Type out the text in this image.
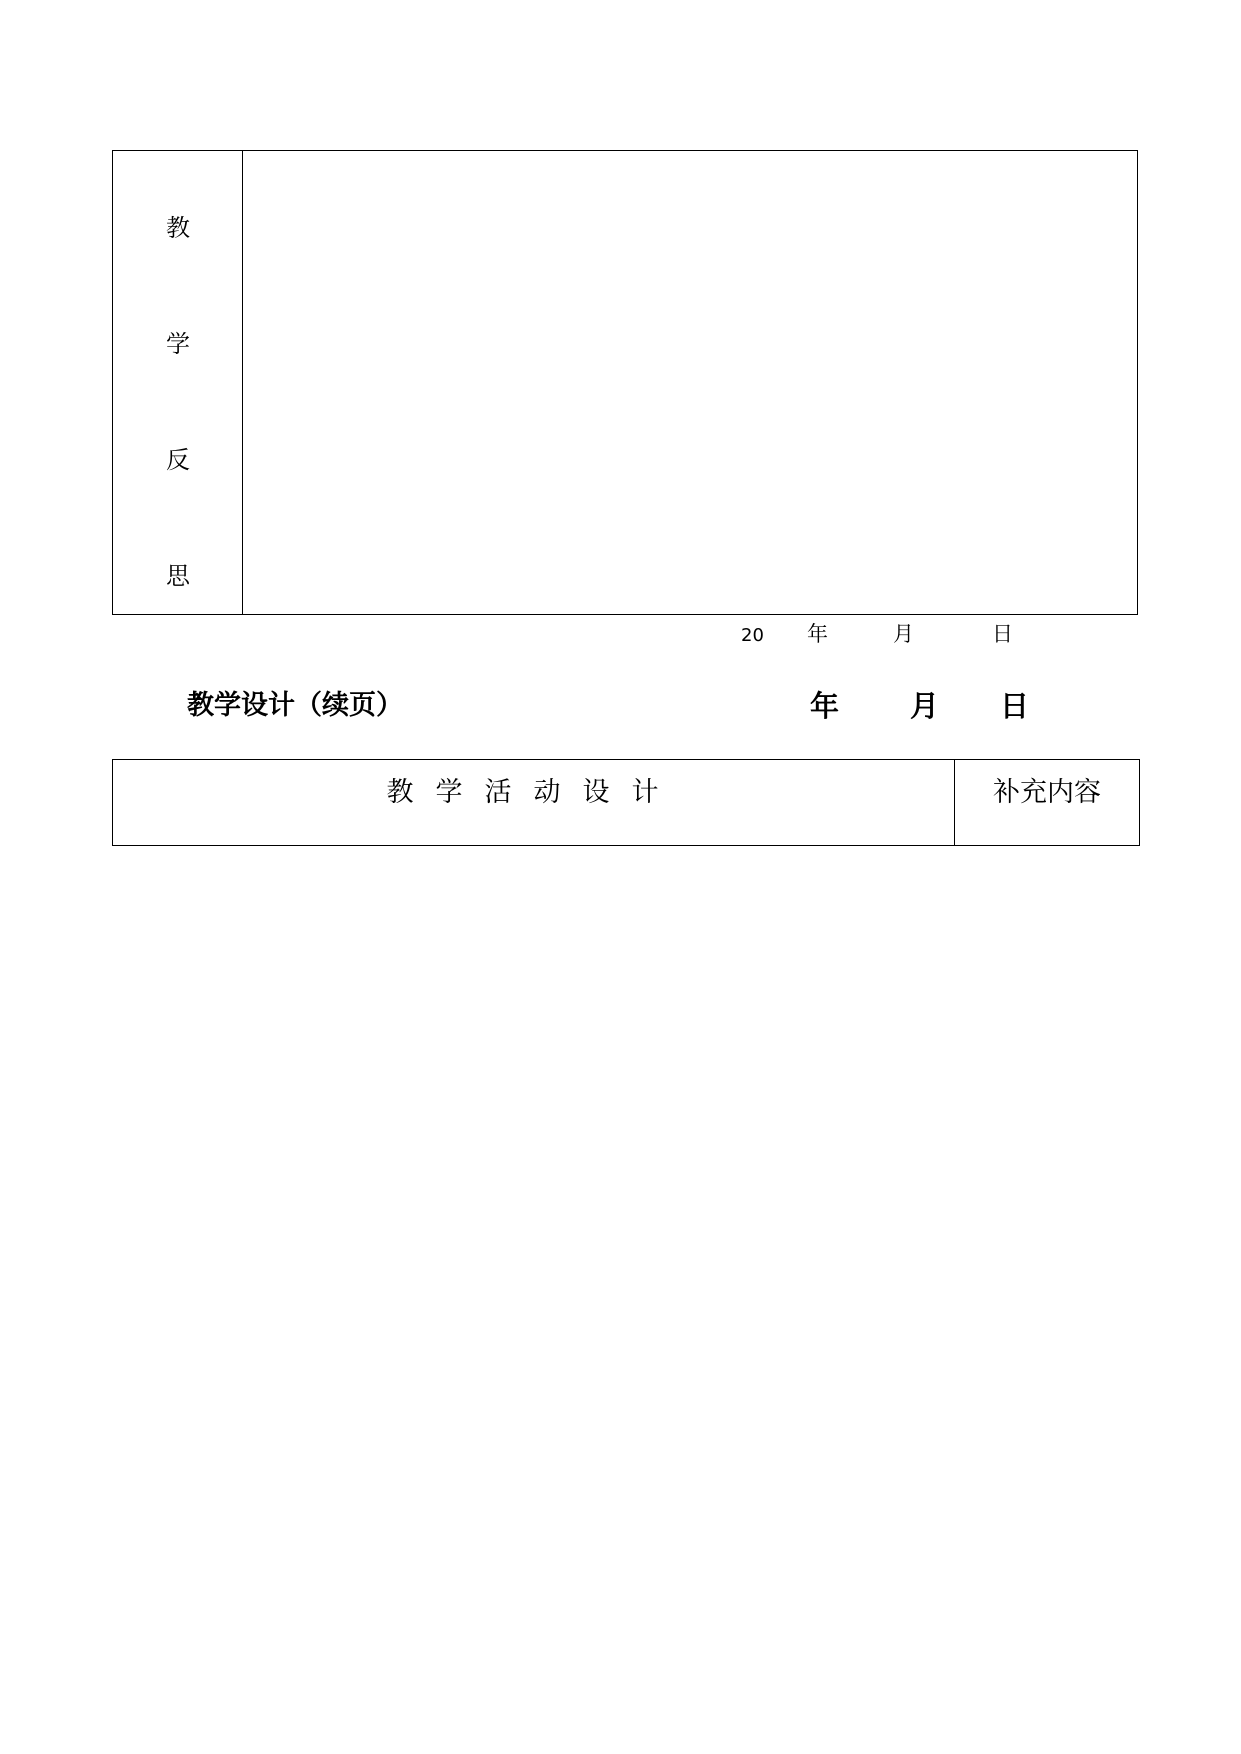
教
学
反
思
20 年	月	日
教学设计（续页）	年 月 日
教学活动设计	补充内容
